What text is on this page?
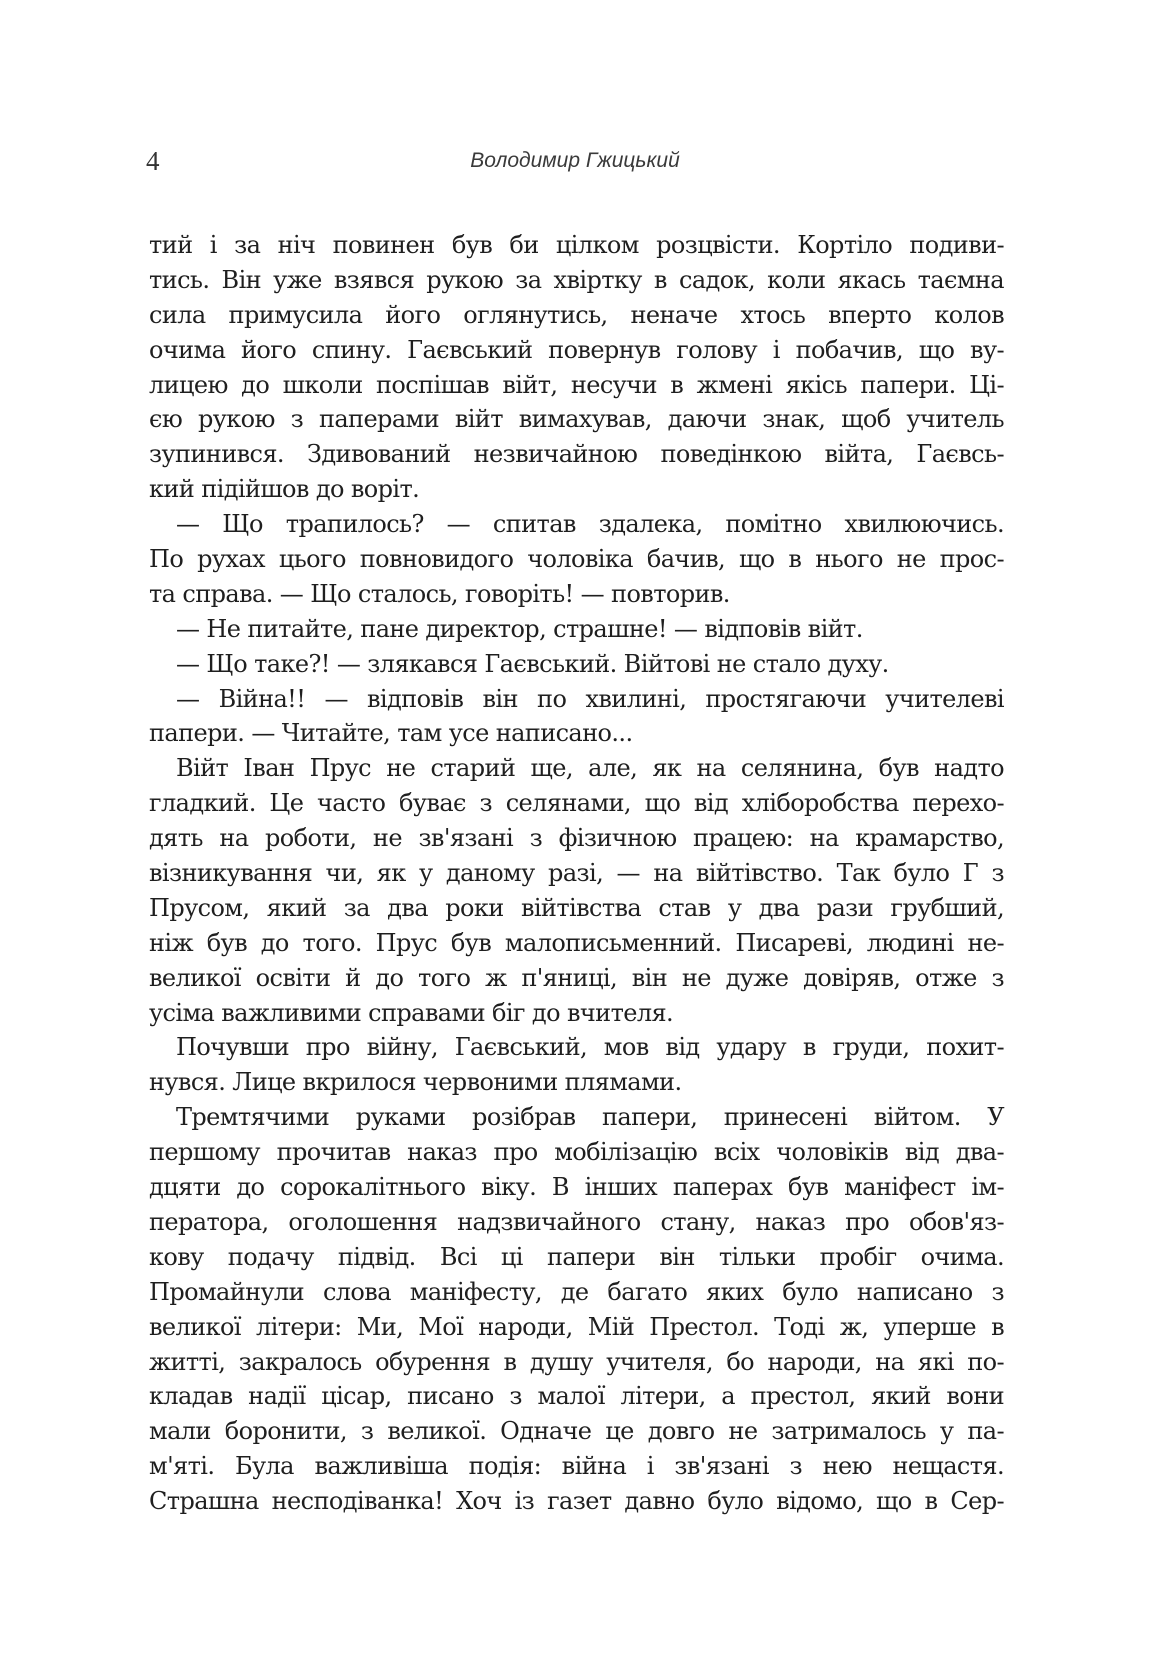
4	Володимир Гжицький
тий і за ніч повинен був би цілком розцвісти. Кортіло подиви-
тись. Він уже взявся рукою за хвіртку в садок, коли якась таємна
сила примусила його оглянутись, неначе хтось вперто колов
очима його спину. Гаєвський повернув голову і побачив, що ву-
лицею до школи поспішав війт, несучи в жмені якісь папери. Ці-
єю рукою з паперами війт вимахував, даючи знак, щоб учитель
зупинився. Здивований незвичайною поведінкою війта, Гаєвсь-
кий підійшов до воріт.
— Що трапилось? — спитав здалека, помітно хвилюючись.
По рухах цього повновидого чоловіка бачив, що в нього не прос-
та справа. — Що сталось, говоріть! — повторив.
— Не питайте, пане директор, страшне! — відповів війт.
— Що таке?! — злякався Гаєвський. Війтові не стало духу.
— Війна!! — відповів він по хвилині, простягаючи учителеві
папери. — Читайте, там усе написано...
Війт Іван Прус не старий ще, але, як на селянина, був надто
гладкий. Це часто буває з селянами, що від хліборобства перехо-
дять на роботи, не зв'язані з фізичною працею: на крамарство,
візникування чи, як у даному разі, — на війтівство. Так було Г з
Прусом, який за два роки війтівства став у два рази грубший,
ніж був до того. Прус був малописьменний. Писареві, людині не-
великої освіти й до того ж п'яниці, він не дуже довіряв, отже з
усіма важливими справами біг до вчителя.
Почувши про війну, Гаєвський, мов від удару в груди, похит-
нувся. Лице вкрилося червоними плямами.
Тремтячими руками розібрав папери, принесені війтом. У
першому прочитав наказ про мобілізацію всіх чоловіків від два-
дцяти до сорокалітнього віку. В інших паперах був маніфест ім-
ператора, оголошення надзвичайного стану, наказ про обов'яз-
кову подачу підвід. Всі ці папери він тільки пробіг очима.
Промайнули слова маніфесту, де багато яких було написано з
великої літери: Ми, Мої народи, Мій Престол. Тоді ж, уперше в
житті, закралось обурення в душу учителя, бо народи, на які по-
кладав надії цісар, писано з малої літери, а престол, який вони
мали боронити, з великої. Одначе це довго не затрималось у па-
м'яті. Була важливіша подія: війна і зв'язані з нею нещастя.
Страшна несподіванка! Хоч із газет давно було відомо, що в Сер-
